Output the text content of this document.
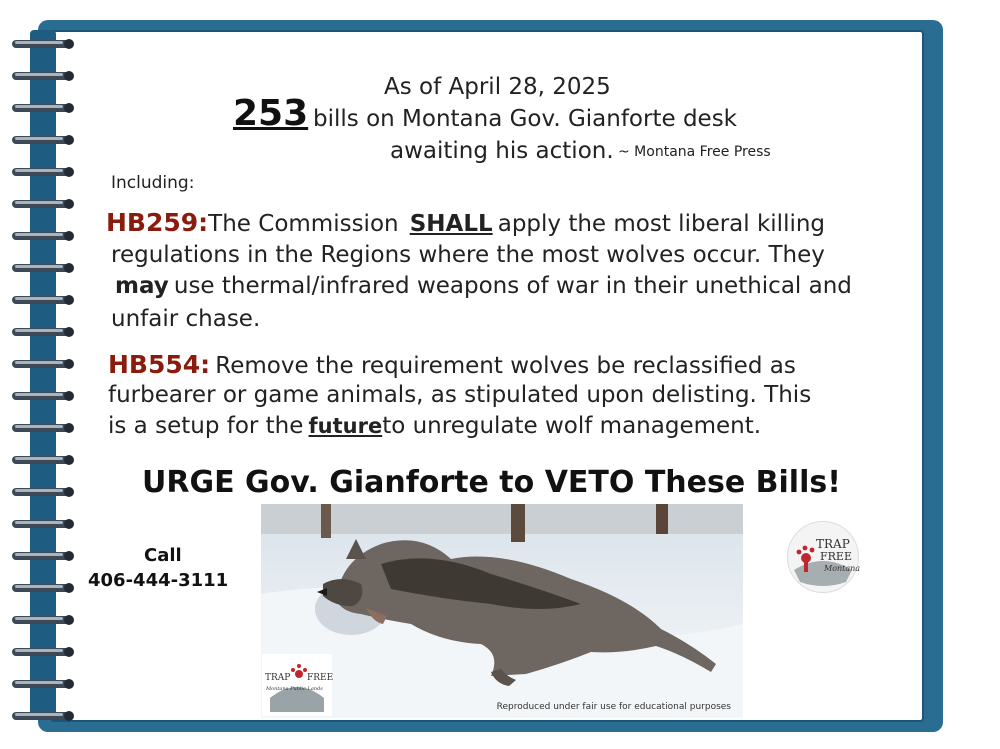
As of April 28, 2025
253 bills on Montana Gov. Gianforte desk
awaiting his action. ~ Montana Free Press
Including:
HB259:The Commission SHALL apply the most liberal killing
regulations in the Regions where the most wolves occur. They
may use thermal/infrared weapons of war in their unethical and
unfair chase.
HB554: Remove the requirement wolves be reclassified as
furbearer or game animals, as stipulated upon delisting. This
is a setup for the futureto unregulate wolf management.
URGE Gov. Gianforte to VETO These Bills!
Call
406-444-3111
Reproduced under fair use for educational purposes
TRAP FREE
Montana Public Lands
TRAP
FREE
Montana
